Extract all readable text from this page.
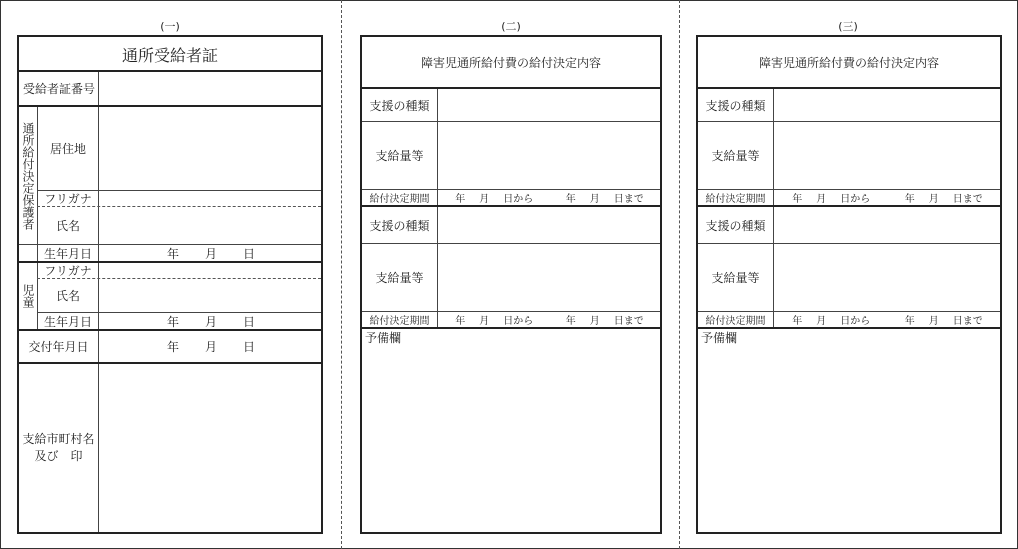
(一)	(二)	(三)
通所受給者証
受給者証番号
通所給付決定保護者	居住地
フリガナ
氏名
生年月日	年 月 日
児童
フリガナ
氏名
生年月日	年 月 日
交付年月日	年 月 日
支給市町村名
及び　印
障害児通所給付費の給付決定内容
支援の種類
支給量等
給付決定期間	年 月 日から	年 月 日まで
支援の種類
支給量等
給付決定期間	年 月 日から	年 月 日まで
予備欄
障害児通所給付費の給付決定内容
支援の種類
支給量等
給付決定期間	年 月 日から	年 月 日まで
支援の種類
支給量等
給付決定期間	年 月 日から	年 月 日まで
予備欄
